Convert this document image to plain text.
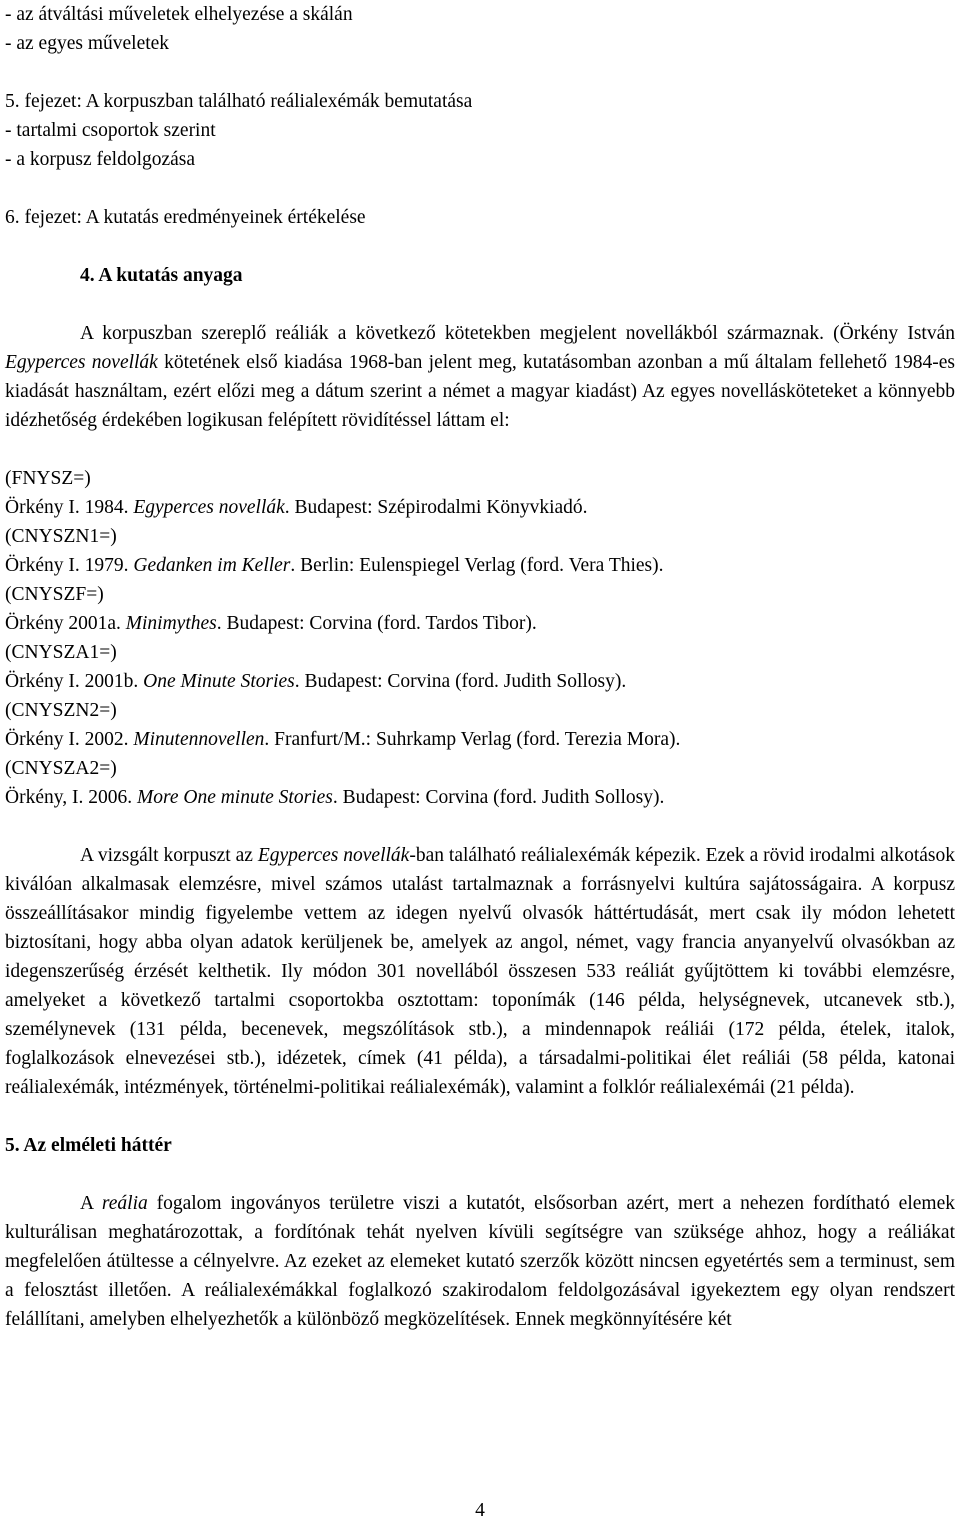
- az átváltási műveletek elhelyezése a skálán
- az egyes műveletek
5. fejezet: A korpuszban található reálialexémák bemutatása
- tartalmi csoportok szerint
- a korpusz feldolgozása
6. fejezet: A kutatás eredményeinek értékelése
4. A kutatás anyaga
A korpuszban szereplő reáliák a következő kötetekben megjelent novellákból származnak. (Örkény István Egyperces novellák kötetének első kiadása 1968-ban jelent meg, kutatásomban azonban a mű általam fellehető 1984-es kiadását használtam, ezért előzi meg a dátum szerint a német a magyar kiadást) Az egyes novellásköteteket a könnyebb idézhetőség érdekében logikusan felépített rövidítéssel láttam el:
(FNYSZ=)
Örkény I. 1984. Egyperces novellák. Budapest: Szépirodalmi Könyvkiadó.
(CNYSZN1=)
Örkény I. 1979. Gedanken im Keller. Berlin: Eulenspiegel Verlag (ford. Vera Thies).
(CNYSZF=)
Örkény 2001a. Minimythes. Budapest: Corvina (ford. Tardos Tibor).
(CNYSZA1=)
Örkény I. 2001b. One Minute Stories. Budapest: Corvina (ford. Judith Sollosy).
(CNYSZN2=)
Örkény I. 2002. Minutennovellen. Franfurt/M.: Suhrkamp Verlag (ford. Terezia Mora).
(CNYSZA2=)
Örkény, I. 2006. More One minute Stories. Budapest: Corvina (ford. Judith Sollosy).
A vizsgált korpuszt az Egyperces novellák-ban található reálialexémák képezik. Ezek a rövid irodalmi alkotások kiválóan alkalmasak elemzésre, mivel számos utalást tartalmaznak a forrásnyelvi kultúra sajátosságaira. A korpusz összeállításakor mindig figyelembe vettem az idegen nyelvű olvasók háttértudását, mert csak ily módon lehetett biztosítani, hogy abba olyan adatok kerüljenek be, amelyek az angol, német, vagy francia anyanyelvű olvasókban az idegenszerűség érzését kelthetik. Ily módon 301 novellából összesen 533 reáliát gyűjtöttem ki további elemzésre, amelyeket a következő tartalmi csoportokba osztottam: toponímák (146 példa, helységnevek, utcanevek stb.), személynevek (131 példa, becenevek, megszólítások stb.), a mindennapok reáliái (172 példa, ételek, italok, foglalkozások elnevezései stb.), idézetek, címek (41 példa), a társadalmi-politikai élet reáliái (58 példa, katonai reálialexémák, intézmények, történelmi-politikai reálialexémák), valamint a folklór reálialexémái (21 példa).
5. Az elméleti háttér
A reália fogalom ingoványos területre viszi a kutatót, elsősorban azért, mert a nehezen fordítható elemek kulturálisan meghatározottak, a fordítónak tehát nyelven kívüli segítségre van szüksége ahhoz, hogy a reáliákat megfelelően átültesse a célnyelvre. Az ezeket az elemeket kutató szerzők között nincsen egyetértés sem a terminust, sem a felosztást illetően. A reálialexémákkal foglalkozó szakirodalom feldolgozásával igyekeztem egy olyan rendszert felállítani, amelyben elhelyezhetők a különböző megközelítések. Ennek megkönnyítésére két
4
